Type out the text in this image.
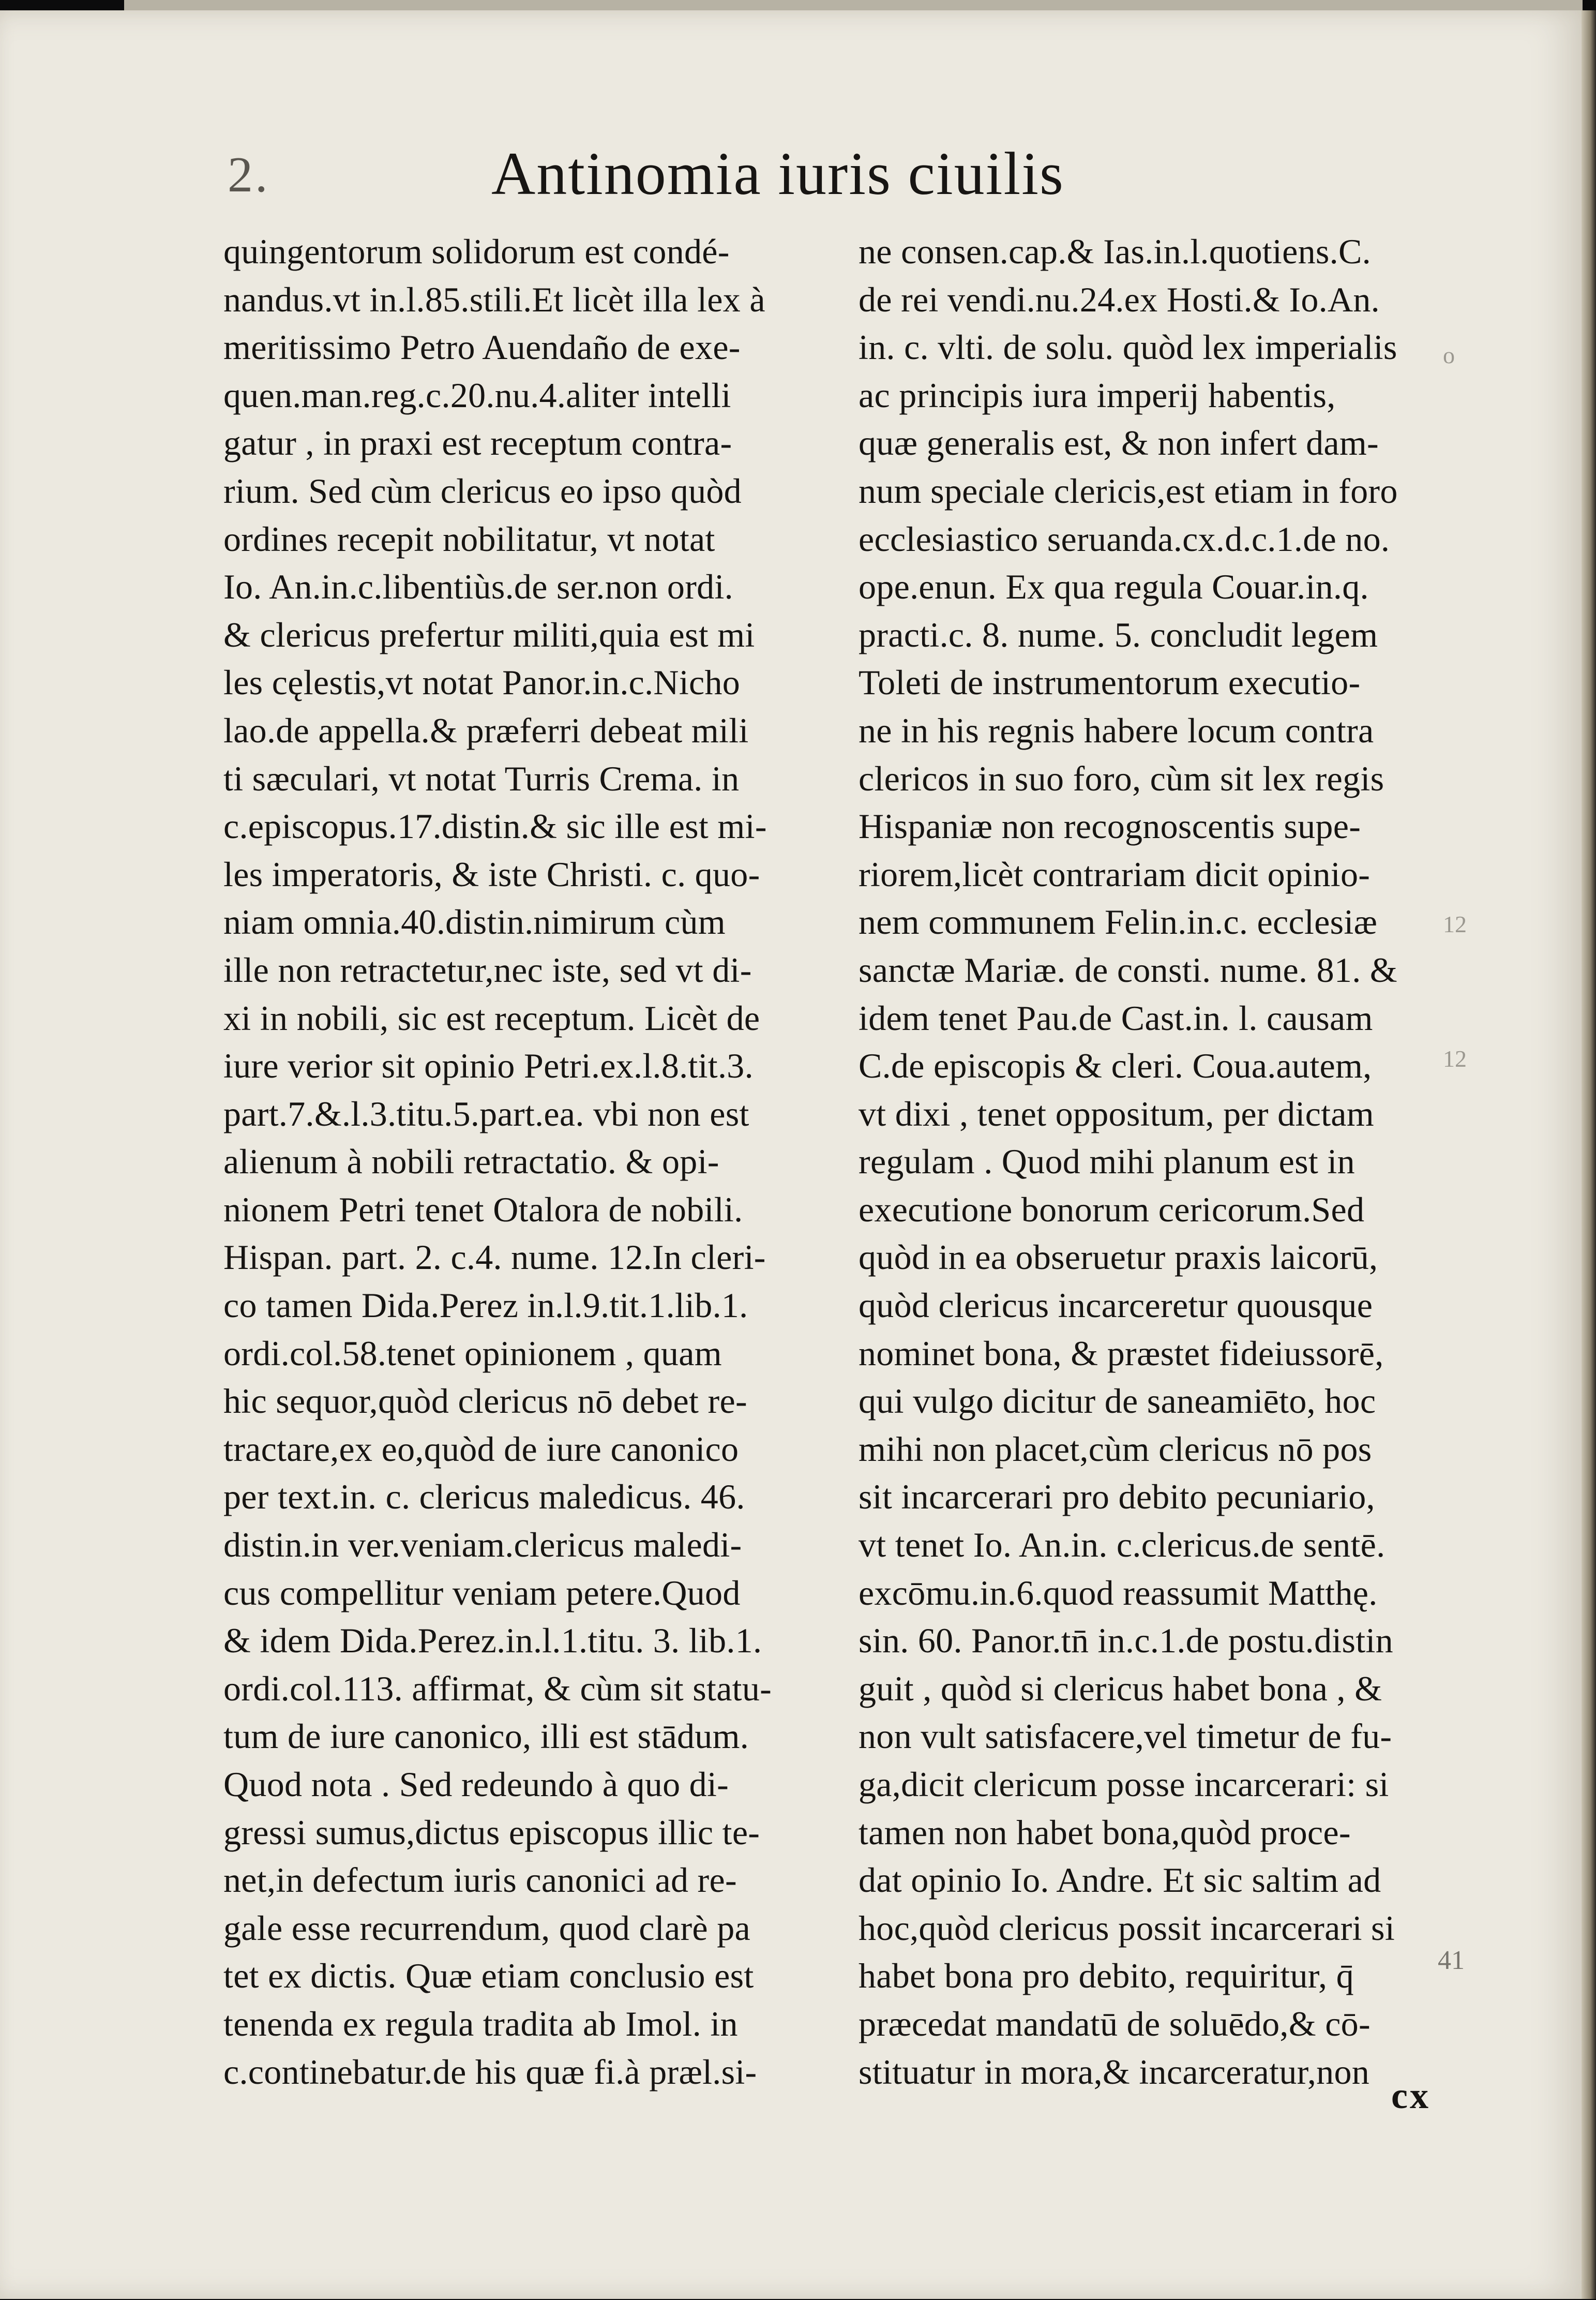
2.	Antinomia iuris ciuilis
quingentorum solidorum est condé-
nandus.vt in.l.85.stili.Et licèt illa lex à
meritissimo Petro Auendaño de exe-
quen.man.reg.c.20.nu.4.aliter intelli
gatur , in praxi est receptum contra-
rium. Sed cùm clericus eo ipso quòd
ordines recepit nobilitatur, vt notat
Io. An.in.c.libentiùs.de ser.non ordi.
& clericus prefertur militi,quia est mi
les cęlestis,vt notat Panor.in.c.Nicho
lao.de appella.& præferri debeat mili
ti sæculari, vt notat Turris Crema. in
c.episcopus.17.distin.& sic ille est mi-
les imperatoris, & iste Christi. c. quo-
niam omnia.40.distin.nimirum cùm
ille non retractetur,nec iste, sed vt di-
xi in nobili, sic est receptum. Licèt de
iure verior sit opinio Petri.ex.l.8.tit.3.
part.7.&.l.3.titu.5.part.ea. vbi non est
alienum à nobili retractatio. & opi-
nionem Petri tenet Otalora de nobili.
Hispan. part. 2. c.4. nume. 12.In cleri-
co tamen Dida.Perez in.l.9.tit.1.lib.1.
ordi.col.58.tenet opinionem , quam
hic sequor,quòd clericus nō debet re-
tractare,ex eo,quòd de iure canonico
per text.in. c. clericus maledicus. 46.
distin.in ver.veniam.clericus maledi-
cus compellitur veniam petere.Quod
& idem Dida.Perez.in.l.1.titu. 3. lib.1.
ordi.col.113. affirmat, & cùm sit statu-
tum de iure canonico, illi est stādum.
Quod nota . Sed redeundo à quo di-
gressi sumus,dictus episcopus illic te-
net,in defectum iuris canonici ad re-
gale esse recurrendum, quod clarè pa
tet ex dictis. Quæ etiam conclusio est
tenenda ex regula tradita ab Imol. in
c.continebatur.de his quæ fi.à præl.si-
ne consen.cap.& Ias.in.l.quotiens.C.
de rei vendi.nu.24.ex Hosti.& Io.An.
in. c. vlti. de solu. quòd lex imperialis
ac principis iura imperij habentis,
quæ generalis est, & non infert dam-
num speciale clericis,est etiam in foro
ecclesiastico seruanda.cx.d.c.1.de no.
ope.enun. Ex qua regula Couar.in.q.
practi.c. 8. nume. 5. concludit legem
Toleti de instrumentorum executio-
ne in his regnis habere locum contra
clericos in suo foro, cùm sit lex regis
Hispaniæ non recognoscentis supe-
riorem,licèt contrariam dicit opinio-
nem communem Felin.in.c. ecclesiæ
sanctæ Mariæ. de consti. nume. 81. &
idem tenet Pau.de Cast.in. l. causam
C.de episcopis & cleri. Coua.autem,
vt dixi , tenet oppositum, per dictam
regulam . Quod mihi planum est in
executione bonorum cericorum.Sed
quòd in ea obseruetur praxis laicorū,
quòd clericus incarceretur quousque
nominet bona, & præstet fideiussorē,
qui vulgo dicitur de saneamiēto, hoc
mihi non placet,cùm clericus nō pos
sit incarcerari pro debito pecuniario,
vt tenet Io. An.in. c.clericus.de sentē.
excōmu.in.6.quod reassumit Matthę.
sin. 60. Panor.tn̄ in.c.1.de postu.distin
guit , quòd si clericus habet bona , &
non vult satisfacere,vel timetur de fu-
ga,dicit clericum posse incarcerari: si
tamen non habet bona,quòd proce-
dat opinio Io. Andre. Et sic saltim ad
hoc,quòd clericus possit incarcerari si
habet bona pro debito, requiritur, q̄
præcedat mandatū de soluēdo,& cō-
stituatur in mora,& incarceratur,non
o
12
12
41
cx
